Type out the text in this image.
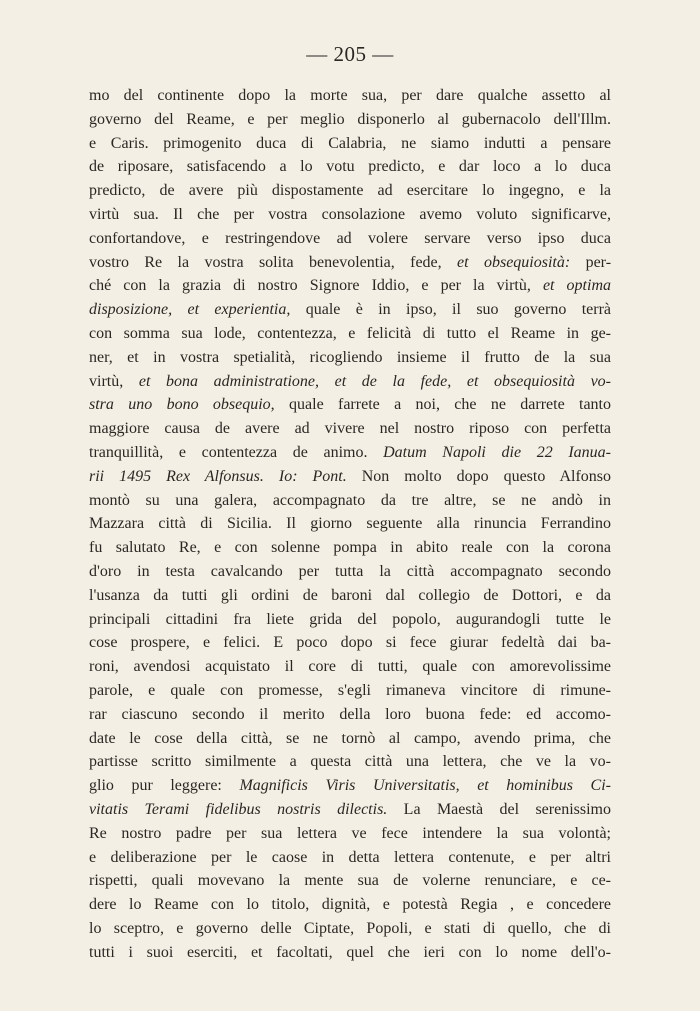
— 205 —
mo del continente dopo la morte sua, per dare qualche assetto al
governo del Reame, e per meglio disponerlo al gubernacolo dell'Illm.
e Caris. primogenito duca di Calabria, ne siamo indutti a pensare
de riposare, satisfacendo a lo votu predicto, e dar loco a lo duca
predicto, de avere più dispostamente ad esercitare lo ingegno, e la
virtù sua. Il che per vostra consolazione avemo voluto significarve,
confortandove, e restringendove ad volere servare verso ipso duca
vostro Re la vostra solita benevolentia, fede, et obsequiosità: per-
ché con la grazia di nostro Signore Iddio, e per la virtù, et optima
disposizione, et experientia, quale è in ipso, il suo governo terrà
con somma sua lode, contentezza, e felicità di tutto el Reame in ge-
ner, et in vostra spetialità, ricogliendo insieme il frutto de la sua
virtù, et bona administratione, et de la fede, et obsequiosità vo-
stra uno bono obsequio, quale farrete a noi, che ne darrete tanto
maggiore causa de avere ad vivere nel nostro riposo con perfetta
tranquillità, e contentezza de animo. Datum Napoli die 22 Ianua-
rii 1495 Rex Alfonsus. Io: Pont. Non molto dopo questo Alfonso
montò su una galera, accompagnato da tre altre, se ne andò in
Mazzara città di Sicilia. Il giorno seguente alla rinuncia Ferrandino
fu salutato Re, e con solenne pompa in abito reale con la corona
d'oro in testa cavalcando per tutta la città accompagnato secondo
l'usanza da tutti gli ordini de baroni dal collegio de Dottori, e da
principali cittadini fra liete grida del popolo, augurandogli tutte le
cose prospere, e felici. E poco dopo si fece giurar fedeltà dai ba-
roni, avendosi acquistato il core di tutti, quale con amorevolissime
parole, e quale con promesse, s'egli rimaneva vincitore di rimune-
rar ciascuno secondo il merito della loro buona fede: ed accomo-
date le cose della città, se ne tornò al campo, avendo prima, che
partisse scritto similmente a questa città una lettera, che ve la vo-
glio pur leggere: Magnificis Viris Universitatis, et hominibus Ci-
vitatis Terami fidelibus nostris dilectis. La Maestà del serenissimo
Re nostro padre per sua lettera ve fece intendere la sua volontà;
e deliberazione per le caose in detta lettera contenute, e per altri
rispetti, quali movevano la mente sua de volerne renunciare, e ce-
dere lo Reame con lo titolo, dignità, e potestà Regia , e concedere
lo sceptro, e governo delle Ciptate, Popoli, e stati di quello, che di
tutti i suoi eserciti, et facoltati, quel che ieri con lo nome dell'o-
